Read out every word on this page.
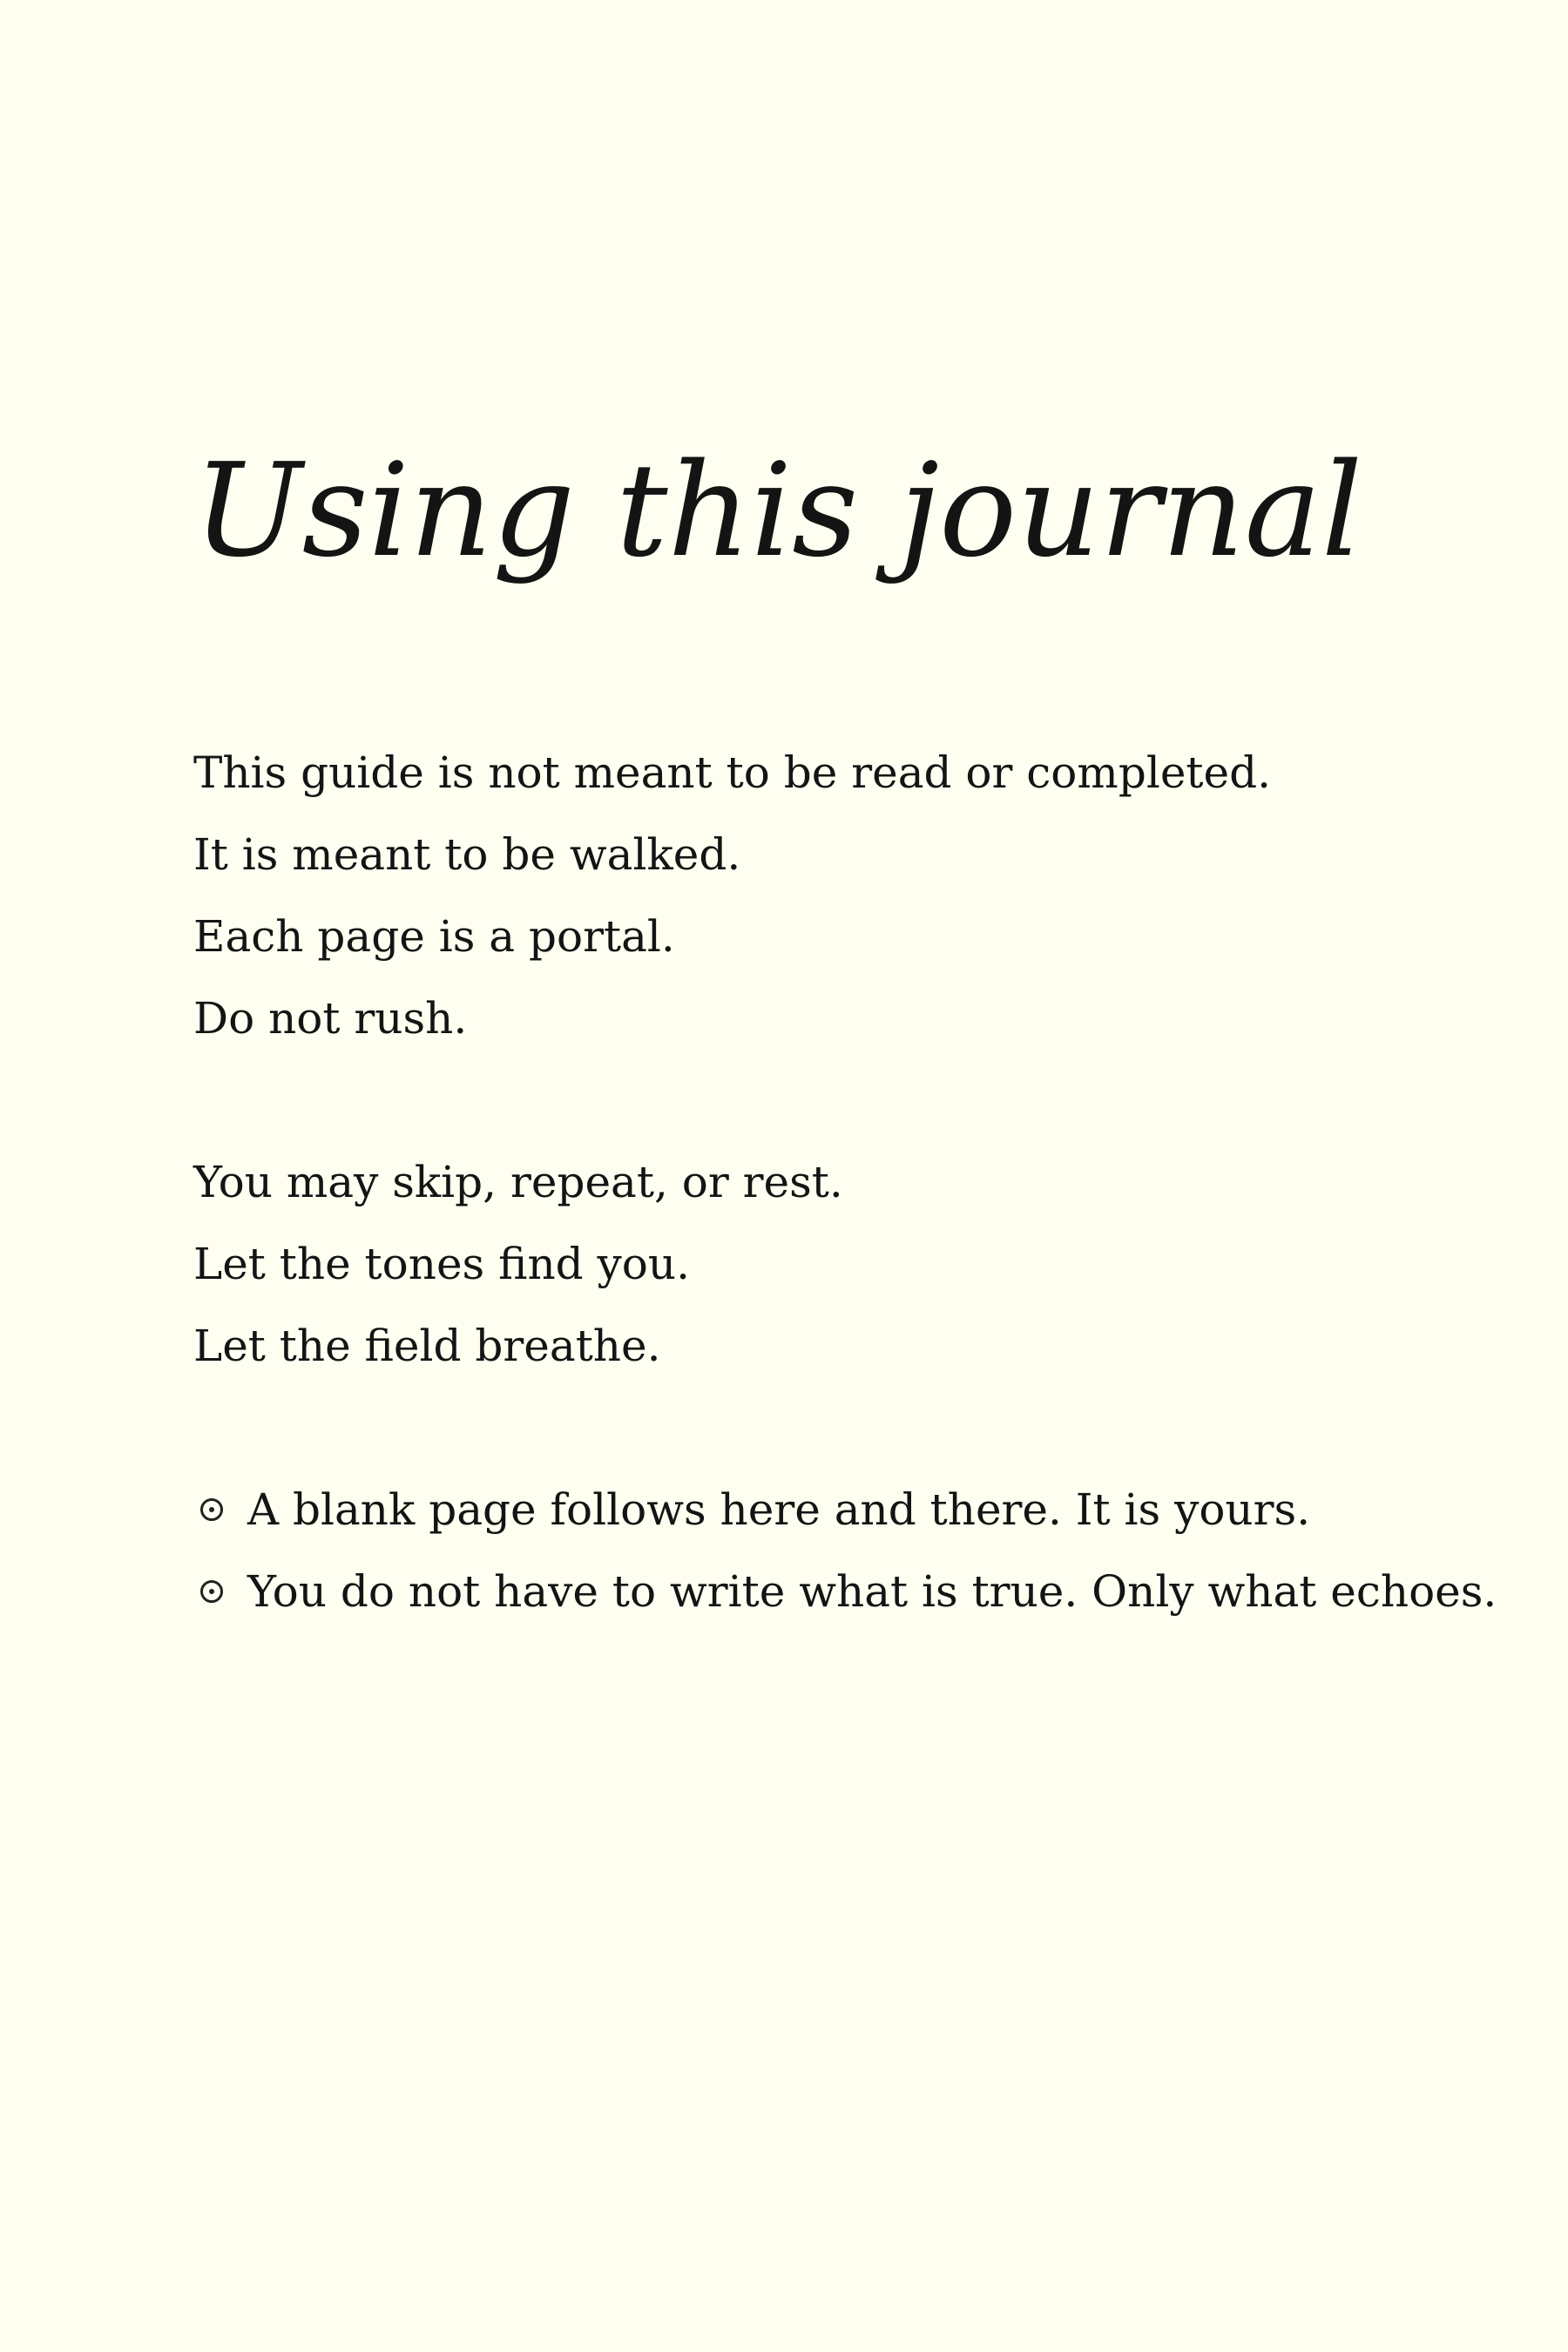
Using this journal
This guide is not meant to be read or completed.
It is meant to be walked.
Each page is a portal.
Do not rush.
You may skip, repeat, or rest.
Let the tones find you.
Let the field breathe.
A blank page follows here and there. It is yours.
You do not have to write what is true. Only what echoes.
